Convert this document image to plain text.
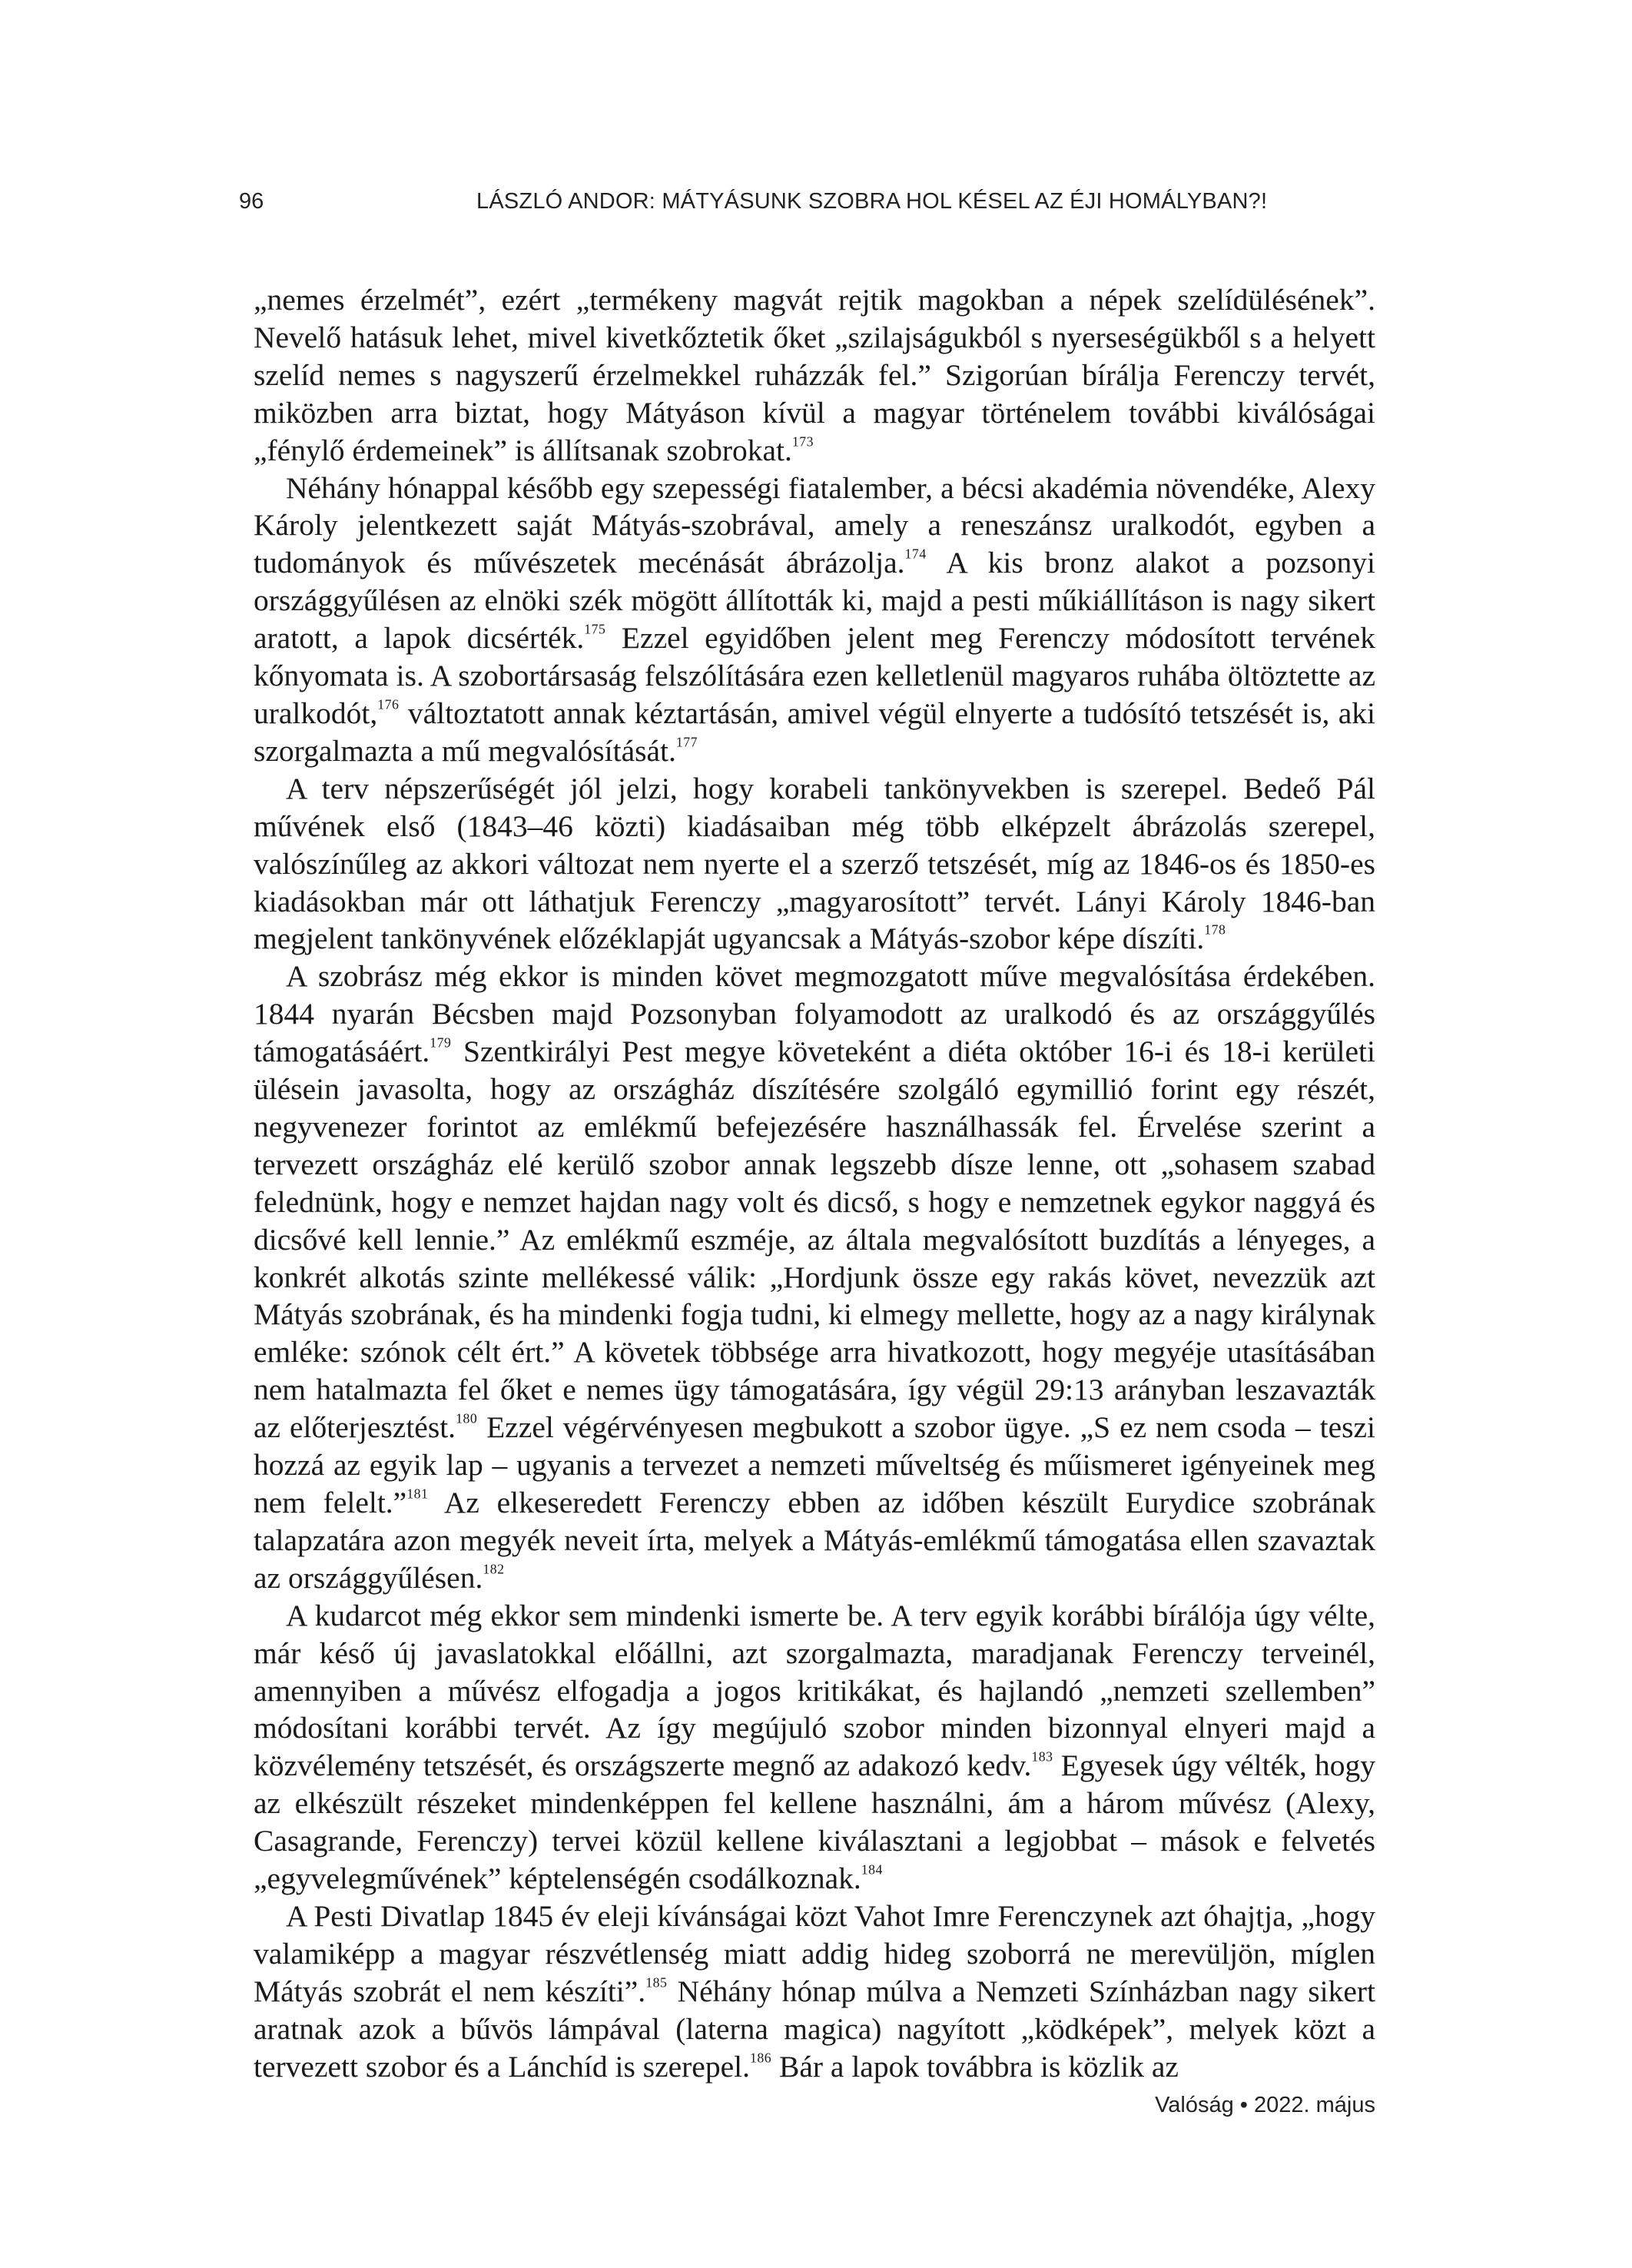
96	LÁSZLÓ ANDOR: MÁTYÁSUNK SZOBRA HOL KÉSEL AZ ÉJI HOMÁLYBAN?!

„nemes érzelmét”, ezért „termékeny magvát rejtik magokban a népek szelídülésének”. Nevelő hatásuk lehet, mivel kivetkőztetik őket „szilajságukból s nyerseségükből s a helyett szelíd nemes s nagyszerű érzelmekkel ruházzák fel.” Szigorúan bírálja Ferenczy tervét, miközben arra biztat, hogy Mátyáson kívül a magyar történelem további kiválóságai „fénylő érdemeinek” is állítsanak szobrokat.$^{173}$

Néhány hónappal később egy szepességi fiatalember, a bécsi akadémia növendéke, Alexy Károly jelentkezett saját Mátyás-szobrával, amely a reneszánsz uralkodót, egyben a tudományok és művészetek mecénását ábrázolja.$^{174}$ A kis bronz alakot a pozsonyi országgyűlésen az elnöki szék mögött állították ki, majd a pesti műkiállításon is nagy sikert aratott, a lapok dicsérték.$^{175}$ Ezzel egyidőben jelent meg Ferenczy módosított tervének kőnyomata is. A szobortársaság felszólítására ezen kelletlenül magyaros ruhába öltöztette az uralkodót,$^{176}$ változtatott annak kéztartásán, amivel végül elnyerte a tudósító tetszését is, aki szorgalmazta a mű megvalósítását.$^{177}$

A terv népszerűségét jól jelzi, hogy korabeli tankönyvekben is szerepel. Bedeő Pál művének első (1843–46 közti) kiadásaiban még több elképzelt ábrázolás szerepel, valószínűleg az akkori változat nem nyerte el a szerző tetszését, míg az 1846-os és 1850-es kiadásokban már ott láthatjuk Ferenczy „magyarosított” tervét. Lányi Károly 1846-ban megjelent tankönyvének előzéklapját ugyancsak a Mátyás-szobor képe díszíti.$^{178}$

A szobrász még ekkor is minden követ megmozgatott műve megvalósítása érdekében. 1844 nyarán Bécsben majd Pozsonyban folyamodott az uralkodó és az országgyűlés támogatásáért.$^{179}$ Szentkirályi Pest megye követeként a diéta október 16-i és 18-i kerületi ülésein javasolta, hogy az országház díszítésére szolgáló egymillió forint egy részét, negyvenezer forintot az emlékmű befejezésére használhassák fel. Érvelése szerint a tervezett országház elé kerülő szobor annak legszebb dísze lenne, ott „sohasem szabad felednünk, hogy e nemzet hajdan nagy volt és dicső, s hogy e nemzetnek egykor naggyá és dicsővé kell lennie.” Az emlékmű eszméje, az általa megvalósított buzdítás a lényeges, a konkrét alkotás szinte mellékessé válik: „Hordjunk össze egy rakás követ, nevezzük azt Mátyás szobrának, és ha mindenki fogja tudni, ki elmegy mellette, hogy az a nagy királynak emléke: szónok célt ért.” A követek többsége arra hivatkozott, hogy megyéje utasításában nem hatalmazta fel őket e nemes ügy támogatására, így végül 29:13 arányban leszavazták az előterjesztést.$^{180}$ Ezzel végérvényesen megbukott a szobor ügye. „S ez nem csoda – teszi hozzá az egyik lap – ugyanis a tervezet a nemzeti műveltség és műismeret igényeinek meg nem felelt.”$^{181}$ Az elkeseredett Ferenczy ebben az időben készült Eurydice szobrának talapzatára azon megyék neveit írta, melyek a Mátyás-emlékmű támogatása ellen szavaztak az országgyűlésen.$^{182}$

A kudarcot még ekkor sem mindenki ismerte be. A terv egyik korábbi bírálója úgy vélte, már késő új javaslatokkal előállni, azt szorgalmazta, maradjanak Ferenczy terveinél, amennyiben a művész elfogadja a jogos kritikákat, és hajlandó „nemzeti szellemben” módosítani korábbi tervét. Az így megújuló szobor minden bizonnyal elnyeri majd a közvélemény tetszését, és országszerte megnő az adakozó kedv.$^{183}$ Egyesek úgy vélték, hogy az elkészült részeket mindenképpen fel kellene használni, ám a három művész (Alexy, Casagrande, Ferenczy) tervei közül kellene kiválasztani a legjobbat – mások e felvetés „egyvelegművének” képtelenségén csodálkoznak.$^{184}$

A Pesti Divatlap 1845 év eleji kívánságai közt Vahot Imre Ferenczynek azt óhajtja, „hogy valamiképp a magyar részvétlenség miatt addig hideg szoborrá ne merevüljön, míglen Mátyás szobrát el nem készíti”.$^{185}$ Néhány hónap múlva a Nemzeti Színházban nagy sikert aratnak azok a bűvös lámpával (laterna magica) nagyított „ködképek”, melyek közt a tervezett szobor és a Lánchíd is szerepel.$^{186}$ Bár a lapok továbbra is közlik az

Valóság • 2022. május
